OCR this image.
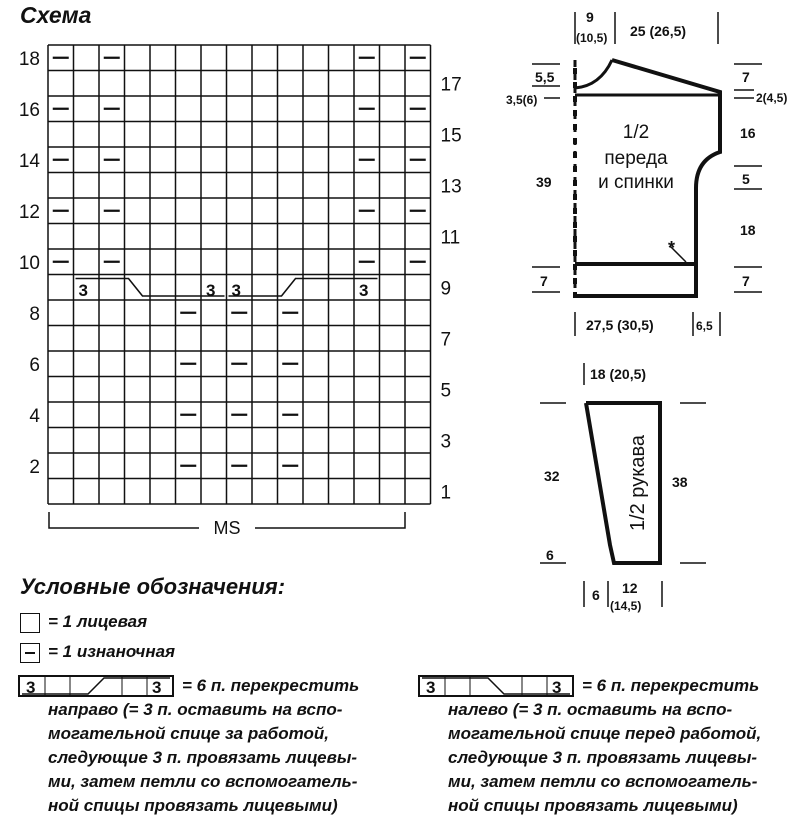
Схема
18
16
14
12
10
8
6
4
2
17
15
13
11
9
7
5
3
1
3	3 3	3
MS
9
(10,5) 25 (26,5)
5,5
3,5(6)
7
2(4,5)
16
5
39
18
7	7
27,5 (30,5)	6,5
*
1/2
переда
и спинки
18 (20,5)
32	38
6
6 12
(14,5)
1/2 рукава
Условные обозначения:
= 1 лицевая
= 1 изнаночная
3	3 = 6 п. перекрестить
направо (= 3 п. оставить на вспо-
могательной спице за работой,
следующие 3 п. провязать лицевы-
ми, затем петли со вспомогатель-
ной спицы провязать лицевыми)
3	3 = 6 п. перекрестить
налево (= 3 п. оставить на вспо-
могательной спице перед работой,
следующие 3 п. провязать лицевы-
ми, затем петли со вспомогатель-
ной спицы провязать лицевыми)
